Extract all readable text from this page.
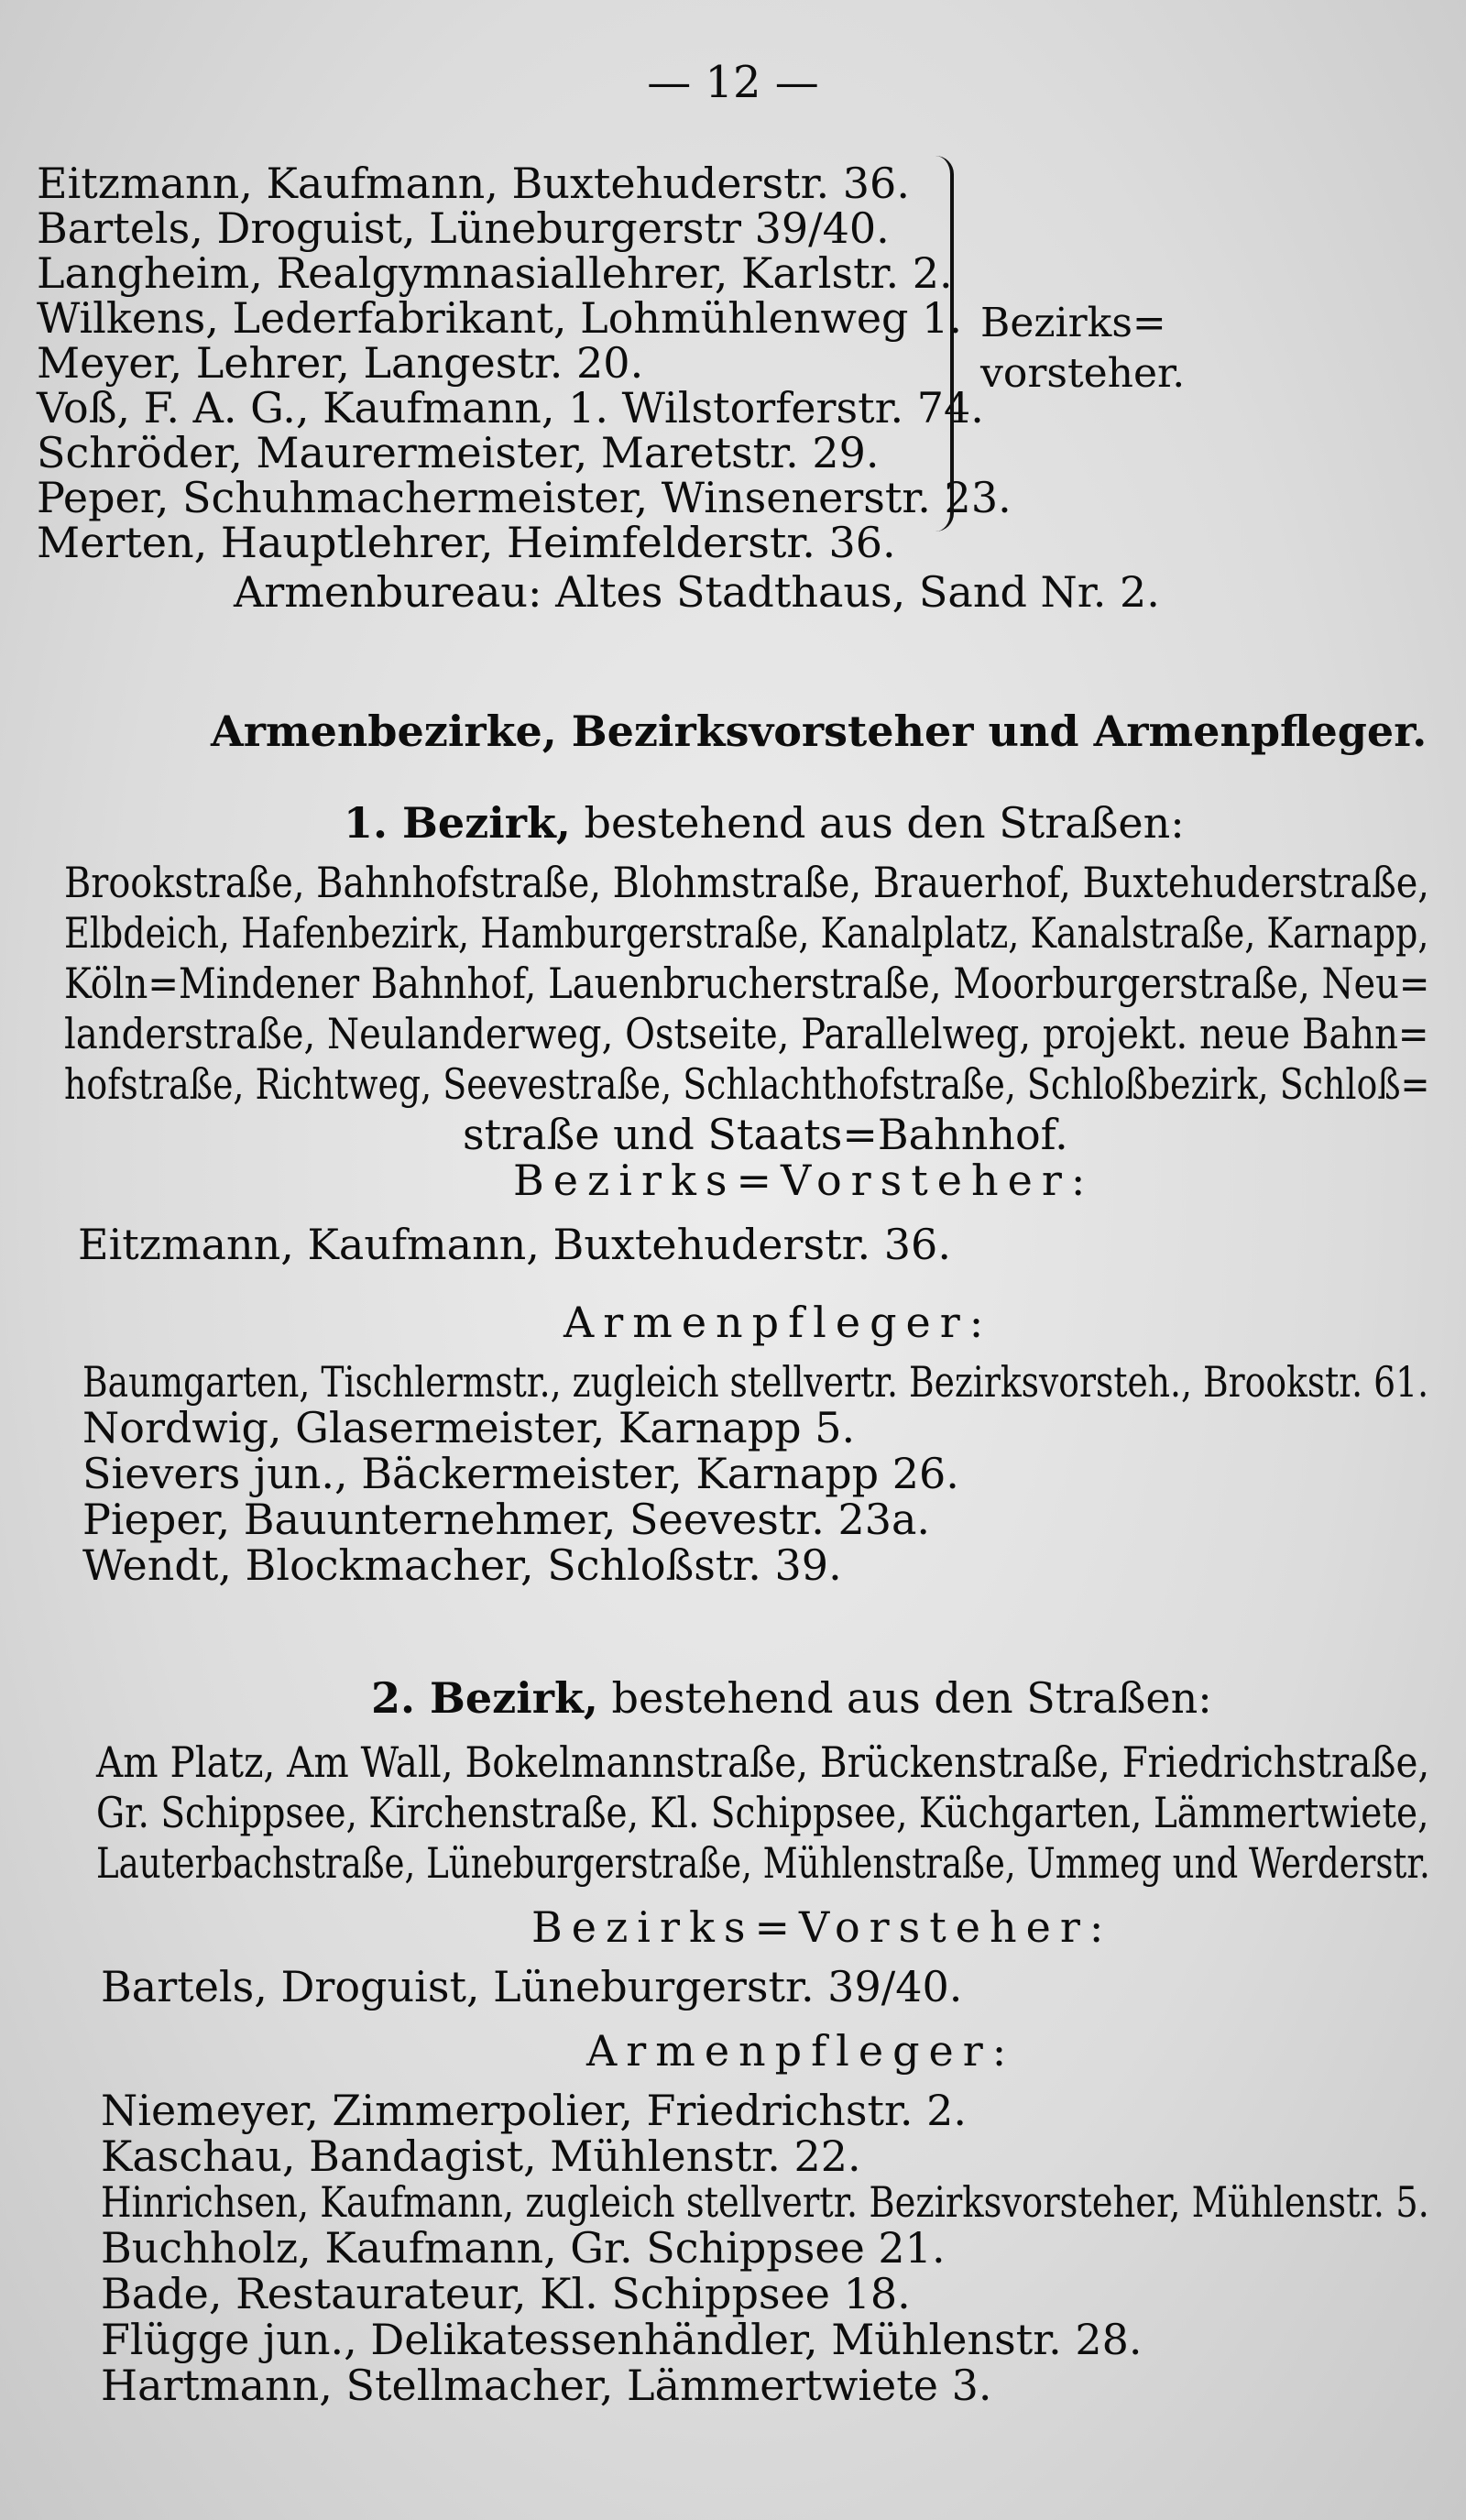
— 12 —
Eitzmann, Kaufmann, Buxtehuderstr. 36.
Bartels, Droguist, Lüneburgerstr 39/40.
Langheim, Realgymnasiallehrer, Karlstr. 2.
Wilkens, Lederfabrikant, Lohmühlenweg 1.
Meyer, Lehrer, Langestr. 20.
Voß, F. A. G., Kaufmann, 1. Wilstorferstr. 74.
Schröder, Maurermeister, Maretstr. 29.
Peper, Schuhmachermeister, Winsenerstr. 23.
Merten, Hauptlehrer, Heimfelderstr. 36.
Bezirks=
vorsteher.
Armenbureau: Altes Stadthaus, Sand Nr. 2.
Armenbezirke, Bezirksvorsteher und Armenpfleger.
1. Bezirk, bestehend aus den Straßen:
Brookstraße, Bahnhofstraße, Blohmstraße, Brauerhof, Buxtehuderstraße,
Elbdeich, Hafenbezirk, Hamburgerstraße, Kanalplatz, Kanalstraße, Karnapp,
Köln=Mindener Bahnhof, Lauenbrucherstraße, Moorburgerstraße, Neu=
landerstraße, Neulanderweg, Ostseite, Parallelweg, projekt. neue Bahn=
hofstraße, Richtweg, Seevestraße, Schlachthofstraße, Schloßbezirk, Schloß=
straße und Staats=Bahnhof.
Bezirks=Vorsteher:
Eitzmann, Kaufmann, Buxtehuderstr. 36.
Armenpfleger:
Baumgarten, Tischlermstr., zugleich stellvertr. Bezirksvorsteh., Brookstr. 61.
Nordwig, Glasermeister, Karnapp 5.
Sievers jun., Bäckermeister, Karnapp 26.
Pieper, Bauunternehmer, Seevestr. 23a.
Wendt, Blockmacher, Schloßstr. 39.
2. Bezirk, bestehend aus den Straßen:
Am Platz, Am Wall, Bokelmannstraße, Brückenstraße, Friedrichstraße,
Gr. Schippsee, Kirchenstraße, Kl. Schippsee, Küchgarten, Lämmertwiete,
Lauterbachstraße, Lüneburgerstraße, Mühlenstraße, Ummeg und Werderstr.
Bezirks=Vorsteher:
Bartels, Droguist, Lüneburgerstr. 39/40.
Armenpfleger:
Niemeyer, Zimmerpolier, Friedrichstr. 2.
Kaschau, Bandagist, Mühlenstr. 22.
Hinrichsen, Kaufmann, zugleich stellvertr. Bezirksvorsteher, Mühlenstr. 5.
Buchholz, Kaufmann, Gr. Schippsee 21.
Bade, Restaurateur, Kl. Schippsee 18.
Flügge jun., Delikatessenhändler, Mühlenstr. 28.
Hartmann, Stellmacher, Lämmertwiete 3.
